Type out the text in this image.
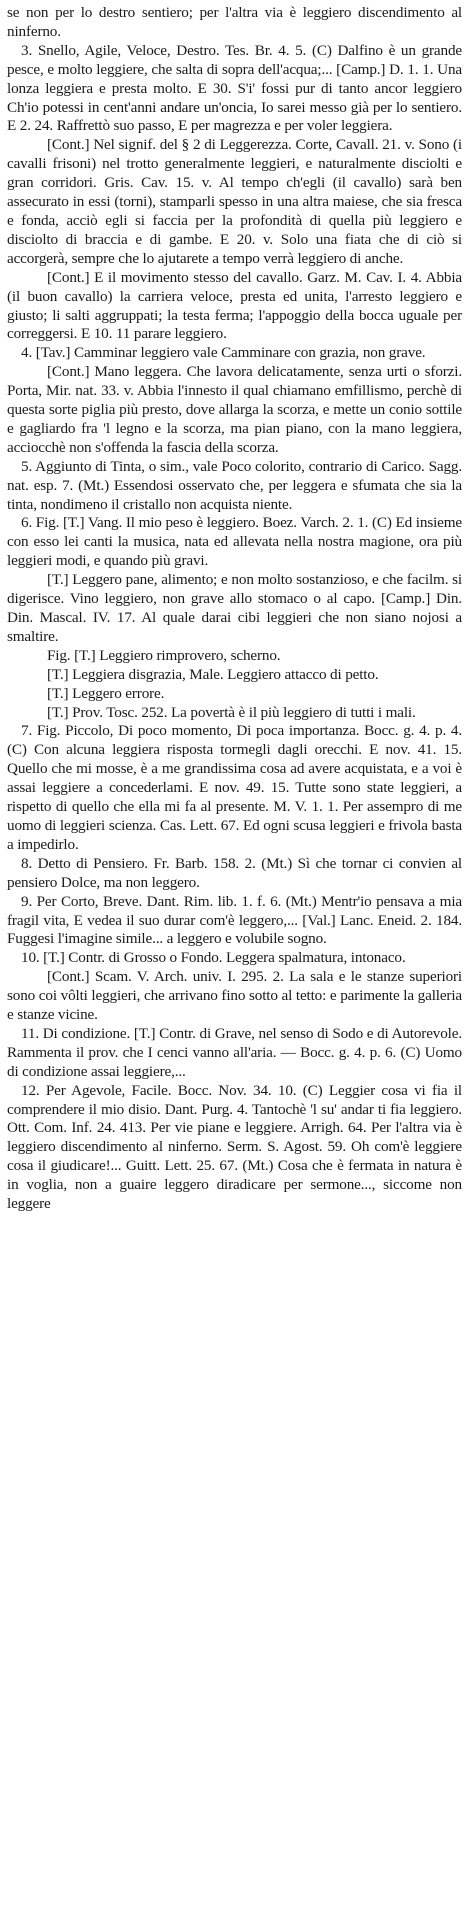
se non per lo destro sentiero; per l'altra via è leggiero discendimento al ninferno.

3. Snello, Agile, Veloce, Destro. Tes. Br. 4. 5. (C) Dalfino è un grande pesce, e molto leggiere, che salta di sopra dell'acqua;... [Camp.] D. 1. 1. Una lonza leggiera e presta molto. E 30. S'i' fossi pur di tanto ancor leggiero Ch'io potessi in cent'anni andare un'oncia, Io sarei messo già per lo sentiero. E 2. 24. Raffrettò suo passo, E per magrezza e per voler leggiera.

[Cont.] Nel signif. del § 2 di Leggerezza. Corte, Cavall. 21. v. Sono (i cavalli frisoni) nel trotto generalmente leggieri, e naturalmente disciolti e gran corridori. Gris. Cav. 15. v. Al tempo ch'egli (il cavallo) sarà ben assecurato in essi (torni), stamparli spesso in una altra maiese, che sia fresca e fonda, acciò egli si faccia per la profondità di quella più leggiero e disciolto di braccia e di gambe. E 20. v. Solo una fiata che di ciò si accorgerà, sempre che lo ajutarete a tempo verrà leggiero di anche.

[Cont.] E il movimento stesso del cavallo. Garz. M. Cav. I. 4. Abbia (il buon cavallo) la carriera veloce, presta ed unita, l'arresto leggiero e giusto; li salti aggruppati; la testa ferma; l'appoggio della bocca uguale per correggersi. E 10. 11 parare leggiero.

4. [Tav.] Camminar leggiero vale Camminare con grazia, non grave.

[Cont.] Mano leggera. Che lavora delicatamente, senza urti o sforzi. Porta, Mir. nat. 33. v. Abbia l'innesto il qual chiamano emfillismo, perchè di questa sorte piglia più presto, dove allarga la scorza, e mette un conio sottile e gagliardo fra 'l legno e la scorza, ma pian piano, con la mano leggiera, acciocchè non s'offenda la fascia della scorza.

5. Aggiunto di Tinta, o sim., vale Poco colorito, contrario di Carico. Sagg. nat. esp. 7. (Mt.) Essendosi osservato che, per leggera e sfumata che sia la tinta, nondimeno il cristallo non acquista niente.

6. Fig. [T.] Vang. Il mio peso è leggiero. Boez. Varch. 2. 1. (C) Ed insieme con esso lei canti la musica, nata ed allevata nella nostra magione, ora più leggieri modi, e quando più gravi.

[T.] Leggero pane, alimento; e non molto sostanzioso, e che facilm. si digerisce. Vino leggiero, non grave allo stomaco o al capo. [Camp.] Din. Din. Mascal. IV. 17. Al quale darai cibi leggieri che non siano nojosi a smaltire.

Fig. [T.] Leggiero rimprovero, scherno.

[T.] Leggiera disgrazia, Male. Leggiero attacco di petto.

[T.] Leggero errore.

[T.] Prov. Tosc. 252. La povertà è il più leggiero di tutti i mali.

7. Fig. Piccolo, Di poco momento, Di poca importanza. Bocc. g. 4. p. 4. (C) Con alcuna leggiera risposta tormegli dagli orecchi. E nov. 41. 15. Quello che mi mosse, è a me grandissima cosa ad avere acquistata, e a voi è assai leggiere a concederlami. E nov. 49. 15. Tutte sono state leggieri, a rispetto di quello che ella mi fa al presente. M. V. 1. 1. Per assempro di me uomo di leggieri scienza. Cas. Lett. 67. Ed ogni scusa leggieri e frivola basta a impedirlo.

8. Detto di Pensiero. Fr. Barb. 158. 2. (Mt.) Sì che tornar ci convien al pensiero Dolce, ma non leggero.

9. Per Corto, Breve. Dant. Rim. lib. 1. f. 6. (Mt.) Mentr'io pensava a mia fragil vita, E vedea il suo durar com'è leggero,... [Val.] Lanc. Eneid. 2. 184. Fuggesi l'imagine simile... a leggero e volubile sogno.

10. [T.] Contr. di Grosso o Fondo. Leggera spalmatura, intonaco.

[Cont.] Scam. V. Arch. univ. I. 295. 2. La sala e le stanze superiori sono coi vôlti leggieri, che arrivano fino sotto al tetto: e parimente la galleria e stanze vicine.

11. Di condizione. [T.] Contr. di Grave, nel senso di Sodo e di Autorevole. Rammenta il prov. che I cenci vanno all'aria. — Bocc. g. 4. p. 6. (C) Uomo di condizione assai leggiere,...

12. Per Agevole, Facile. Bocc. Nov. 34. 10. (C) Leggier cosa vi fia il comprendere il mio disio. Dant. Purg. 4. Tantochè 'l su' andar ti fia leggiero. Ott. Com. Inf. 24. 413. Per vie piane e leggiere. Arrigh. 64. Per l'altra via è leggiero discendimento al ninferno. Serm. S. Agost. 59. Oh com'è leggiere cosa il giudicare!... Guitt. Lett. 25. 67. (Mt.) Cosa che è fermata in natura è in voglia, non a guaire leggero diradicare per sermone..., siccome non leggere
